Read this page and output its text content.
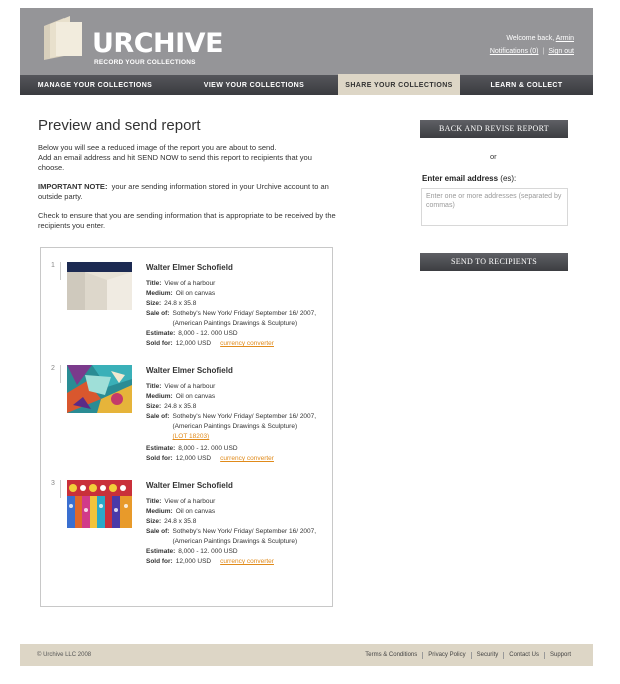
URCHIVE
RECORD YOUR COLLECTIONS
Welcome back, Armin
Notifications (0) | Sign out
MANAGE YOUR COLLECTIONS	VIEW YOUR COLLECTIONS	SHARE YOUR COLLECTIONS	LEARN & COLLECT
Preview and send report

Below you will see a reduced image of the report you are about to send.
Add an email address and hit SEND NOW to send this report to recipients that you choose.

IMPORTANT NOTE: your are sending information stored in your Urchive account to an outside party.

Check to ensure that you are sending information that is appropriate to be received by the recipients you enter.

BACK AND REVISE REPORT
or
Enter email address (es):
Enter one or more addresses (separated by commas)
SEND TO RECIPIENTS
1	Walter Elmer Schofield
Title: View of a harbour
Medium: Oil on canvas
Size: 24.8 x 35.8
Sale of: Sotheby's New York/ Friday/ September 16/ 2007, (American Paintings Drawings & Sculpture)
Estimate: 8,000 - 12. 000 USD
Sold for: 12,000 USD currency converter
2	Walter Elmer Schofield
Title: View of a harbour
Medium: Oil on canvas
Size: 24.8 x 35.8
Sale of: Sotheby's New York/ Friday/ September 16/ 2007, (American Paintings Drawings & Sculpture)
(LOT 18203)
Estimate: 8,000 - 12. 000 USD
Sold for: 12,000 USD currency converter
3	Walter Elmer Schofield
Title: View of a harbour
Medium: Oil on canvas
Size: 24.8 x 35.8
Sale of: Sotheby's New York/ Friday/ September 16/ 2007, (American Paintings Drawings & Sculpture)
Estimate: 8,000 - 12. 000 USD
Sold for: 12,000 USD currency converter
© Urchive LLC 2008	Terms & Conditions	Privacy Policy	Security	Contact Us	Support
